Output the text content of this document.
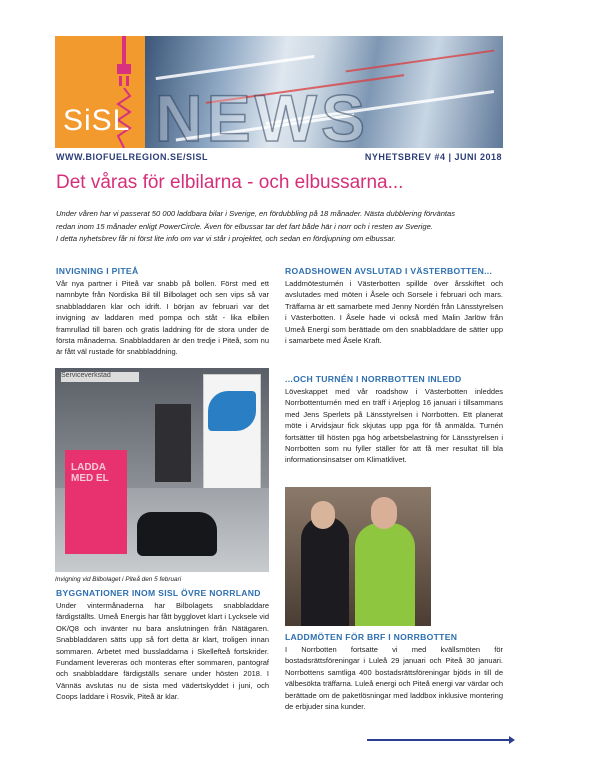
SiSL NEWS
WWW.BIOFUELREGION.SE/SISL	NYHETSBREV #4 | JUNI 2018
Det våras för elbilarna - och elbussarna...

Under våren har vi passerat 50 000 laddbara bilar i Sverige, en fördubbling på 18 månader. Nästa dubblering förväntas

redan inom 15 månader enligt PowerCircle. Även för elbussar tar det fart både här i norr och i resten av Sverige.

I detta nyhetsbrev får ni först lite info om var vi står i projektet, och sedan en fördjupning om elbussar.

INVIGNING I PITEÅ

Vår nya partner i Piteå var snabb på bollen. Först med ett namnbyte från Nordiska Bil till Bilbolaget och sen vips så var snabbladdaren klar och idrift. I början av februari var det invigning av laddaren med pompa och ståt - lika elbilen framrullad till baren och gratis laddning för de stora under de första månaderna. Snabbladdaren är den tredje i Piteå, som nu är fått väl rustade för snabbladdning.

Serviceverkstad
LADDA MED EL
Invigning vid Bilbolaget i Piteå den 5 februari
BYGGNATIONER INOM SISL ÖVRE NORRLAND

Under vintermånaderna har Bilbolagets snabbladdare färdigställts. Umeå Energis har fått bygglovet klart i Lycksele vid OK/Q8 och invänter nu bara anslutningen från Nätägaren. Snabbladdaren sätts upp så fort detta är klart, troligen innan sommaren. Arbetet med bussladdarna i Skellefteå fortskrider. Fundament levereras och monteras efter sommaren, pantograf och snabbladdare färdigställs senare under hösten 2018. I Vännäs avslutas nu de sista med vädertskyddet i juni, och Coops laddare i Rosvik, Piteå är klar.

ROADSHOWEN AVSLUTAD I VÄSTERBOTTEN...

Laddmötesturnén i Västerbotten spillde över årsskiftet och avslutades med möten i Åsele och Sorsele i februari och mars. Träffarna är ett samarbete med Jenny Nordén från Länsstyrelsen i Västerbotten. I Åsele hade vi också med Malin Jarlöw från Umeå Energi som berättade om den snabbladdare de sätter upp i samarbete med Åsele Kraft.

...OCH TURNÉN I NORRBOTTEN INLEDD

Löveskappet med vår roadshow i Västerbotten inleddes Norrbottenturnén med en träff i Arjeplog 16 januari i tillsammans med Jens Sperlets på Länsstyrelsen i Norrbotten. Ett planerat möte i Arvidsjaur fick skjutas upp pga för få anmälda. Turnén fortsätter till hösten pga hög arbetsbelastning för Länsstyrelsen i Norrbotten som nu fyller ställer för att få mer resultat till bla informationsinsatser om Klimatklivet.

LADDMÖTEN FÖR BRF I NORRBOTTEN

I Norrbotten fortsatte vi med kvällsmöten för bostadsrättsföreningar i Luleå 29 januari och Piteå 30 januari. Norrbottens samtliga 400 bostadsrättsföreningar bjöds in till de välbesökta träffarna. Luleå energi och Piteå energi var värdar och berättade om de paketlösningar med laddbox inklusive montering de erbjuder sina kunder.
